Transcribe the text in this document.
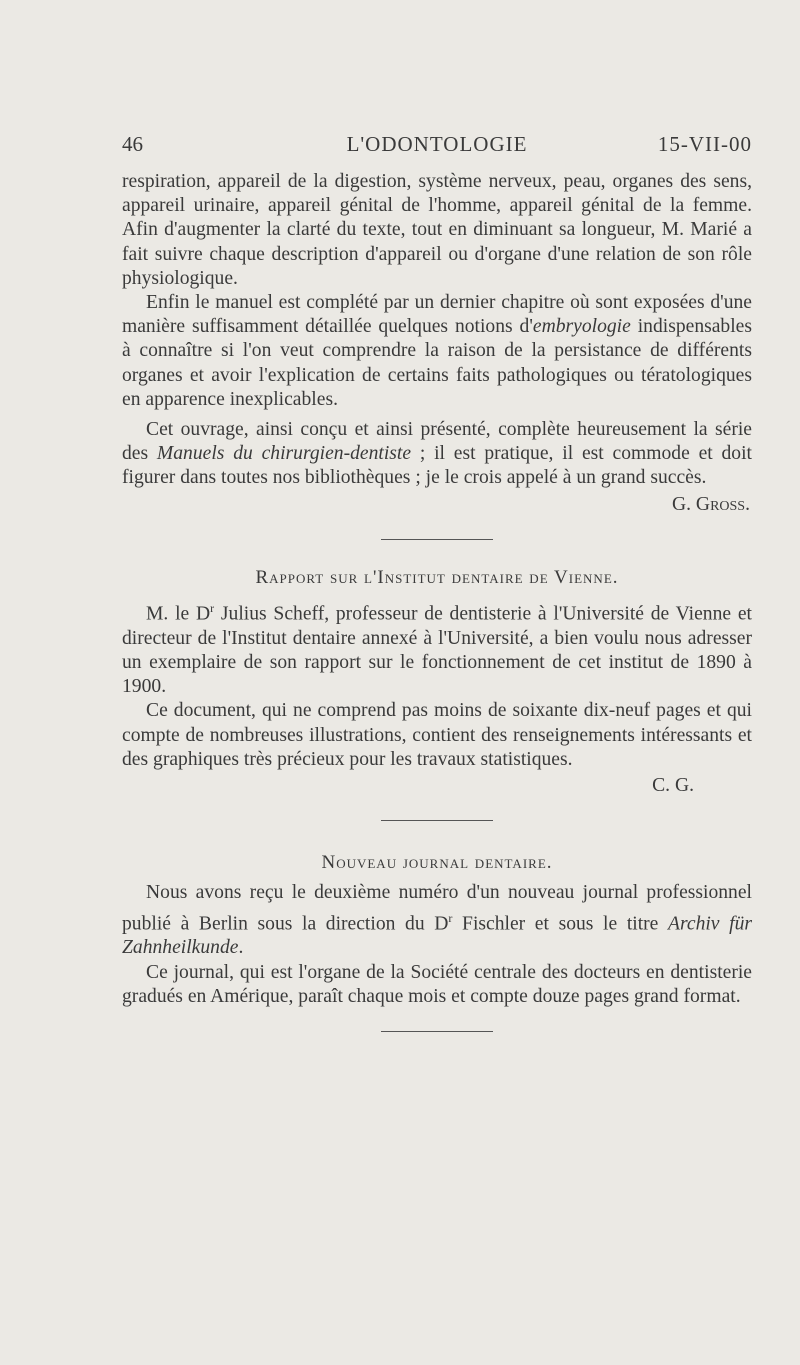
46	L'ODONTOLOGIE	15-VII-00

respiration, appareil de la digestion, système nerveux, peau, organes des sens, appareil urinaire, appareil génital de l'homme, appareil génital de la femme. Afin d'augmenter la clarté du texte, tout en diminuant sa longueur, M. Marié a fait suivre chaque description d'appareil ou d'organe d'une relation de son rôle physiologique.

Enfin le manuel est complété par un dernier chapitre où sont exposées d'une manière suffisamment détaillée quelques notions d'embryologie indispensables à connaître si l'on veut comprendre la raison de la persistance de différents organes et avoir l'explication de certains faits pathologiques ou tératologiques en apparence inexplicables.

Cet ouvrage, ainsi conçu et ainsi présenté, complète heureusement la série des Manuels du chirurgien-dentiste ; il est pratique, il est commode et doit figurer dans toutes nos bibliothèques ; je le crois appelé à un grand succès.

G. Gross.

Rapport sur l'Institut dentaire de Vienne.

M. le $D^r$ Julius Scheff, professeur de dentisterie à l'Université de Vienne et directeur de l'Institut dentaire annexé à l'Université, a bien voulu nous adresser un exemplaire de son rapport sur le fonctionnement de cet institut de 1890 à 1900.

Ce document, qui ne comprend pas moins de soixante dix-neuf pages et qui compte de nombreuses illustrations, contient des renseignements intéressants et des graphiques très précieux pour les travaux statistiques.

C. G.

Nouveau journal dentaire.

Nous avons reçu le deuxième numéro d'un nouveau journal professionnel publié à Berlin sous la direction du $D^r$ Fischler et sous le titre Archiv für Zahnheilkunde.

Ce journal, qui est l'organe de la Société centrale des docteurs en dentisterie gradués en Amérique, paraît chaque mois et compte douze pages grand format.
